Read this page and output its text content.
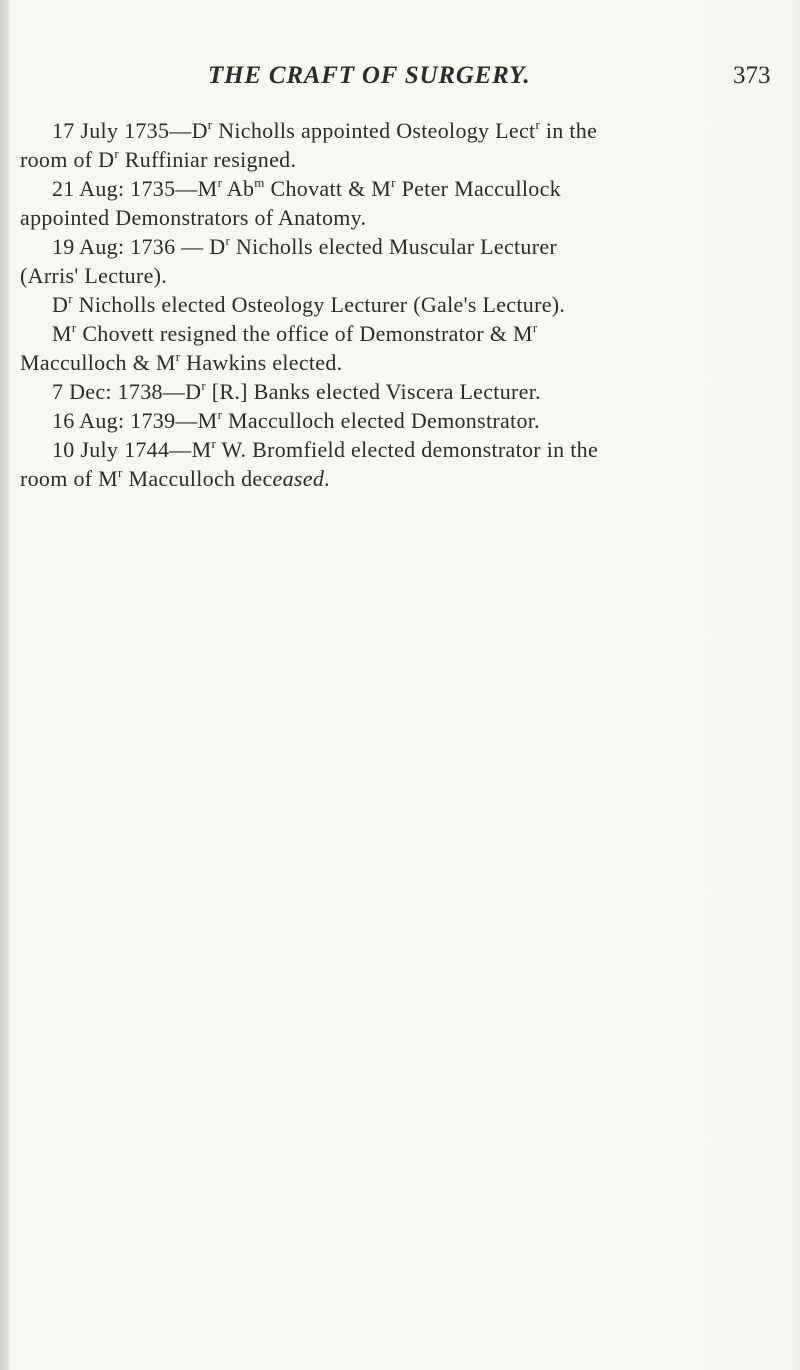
THE CRAFT OF SURGERY.	373
17 July $1735—D^r$ Nicholls appointed Osteology Lect$^r$ in the
room of $D^r$ Ruffiniar resigned.
21 Aug: $1735—M^r$ Ab$^m$ Chovatt & $M^r$ Peter Maccullock
appointed Demonstrators of Anatomy.
19 Aug: 1736 — $D^r$ Nicholls elected Muscular Lecturer
(Arris' Lecture).
$D^r$ Nicholls elected Osteology Lecturer (Gale's Lecture).
$M^r$ Chovett resigned the office of Demonstrator & $M^r$
Macculloch & $M^r$ Hawkins elected.
7 Dec: $1738—D^r$ [R.] Banks elected Viscera Lecturer.
16 Aug: $1739—M^r$ Macculloch elected Demonstrator.
10 July $1744—M^r$ W. Bromfield elected demonstrator in the
room of $M^r$ Macculloch deceased.
